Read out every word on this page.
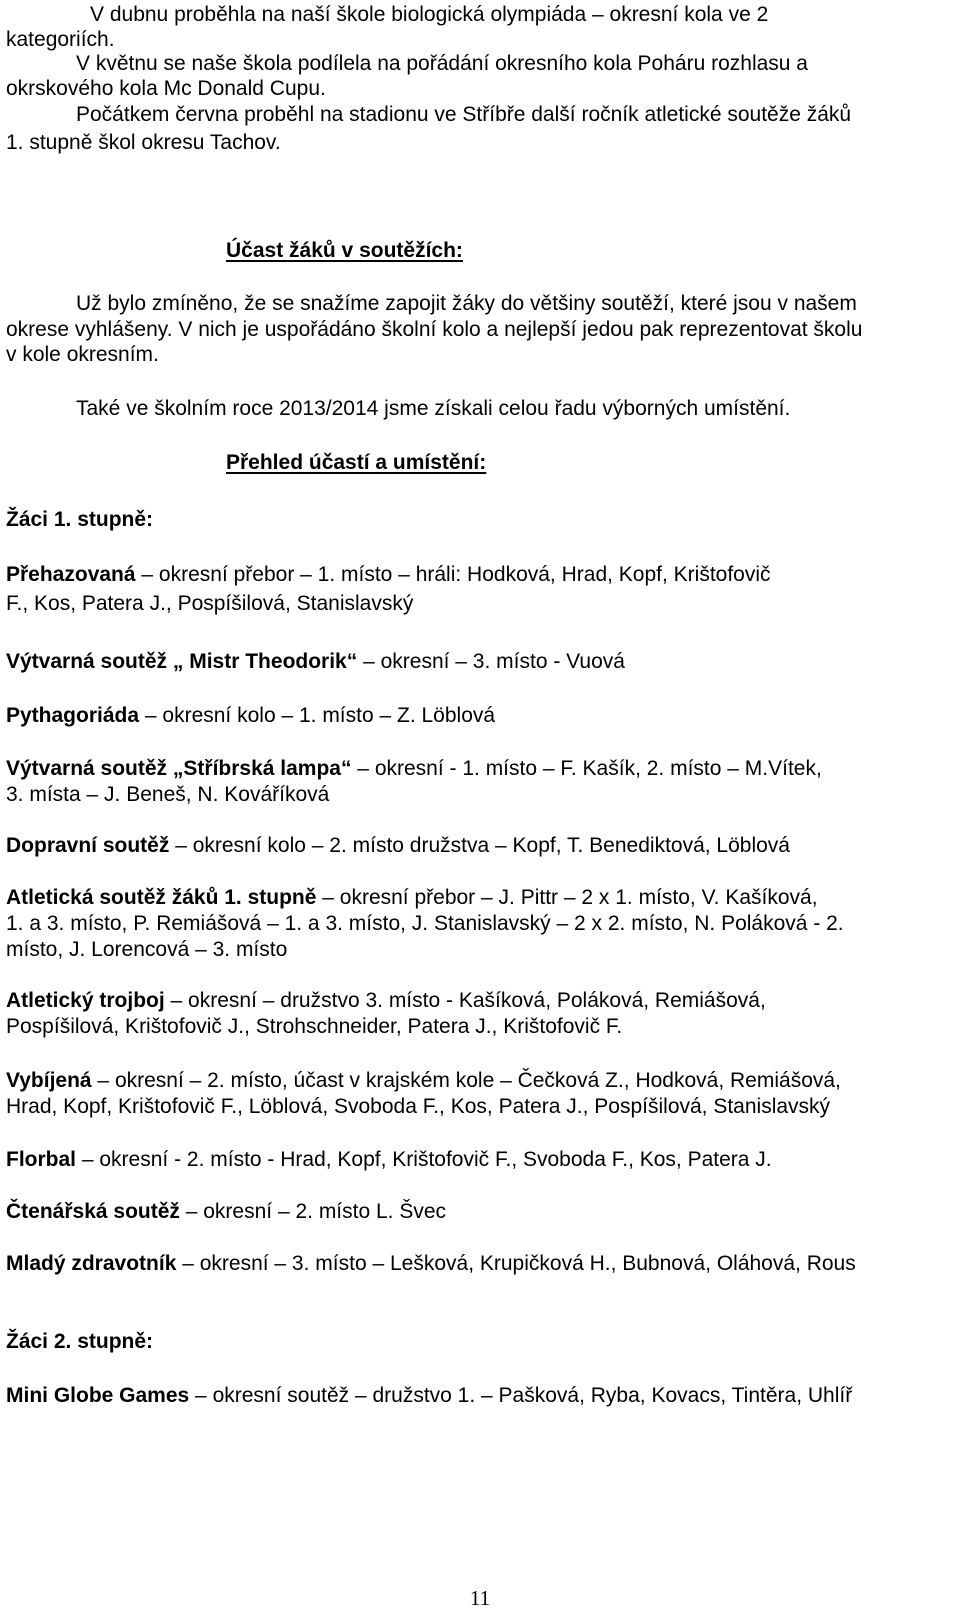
V dubnu proběhla na naší škole biologická olympiáda – okresní kola ve 2
kategoriích.
V květnu se naše škola podílela na pořádání okresního kola Poháru rozhlasu a
okrskového kola Mc Donald Cupu.
Počátkem června proběhl na stadionu ve Stříbře další ročník atletické soutěže žáků
1. stupně škol okresu Tachov.
Účast žáků v soutěžích:
Už bylo zmíněno, že se snažíme zapojit žáky do většiny soutěží, které jsou v našem
okrese vyhlášeny. V nich je uspořádáno školní kolo a nejlepší jedou pak reprezentovat školu
v kole okresním.
Také ve školním roce 2013/2014 jsme získali celou řadu výborných umístění.
Přehled účastí a umístění:
Žáci 1. stupně:
Přehazovaná – okresní přebor – 1. místo – hráli: Hodková, Hrad, Kopf, Krištofovič
F., Kos, Patera J., Pospíšilová, Stanislavský
Výtvarná soutěž „ Mistr Theodorik“ – okresní – 3. místo - Vuová
Pythagoriáda – okresní kolo – 1. místo – Z. Löblová
Výtvarná soutěž „Stříbrská lampa“ – okresní - 1. místo – F. Kašík, 2. místo – M.Vítek,
3. místa – J. Beneš, N. Kováříková
Dopravní soutěž – okresní kolo – 2. místo družstva – Kopf, T. Benediktová, Löblová
Atletická soutěž žáků 1. stupně – okresní přebor – J. Pittr – 2 x 1. místo, V. Kašíková,
1. a 3. místo, P. Remiášová – 1. a 3. místo, J. Stanislavský – 2 x 2. místo, N. Poláková - 2.
místo, J. Lorencová – 3. místo
Atletický trojboj – okresní – družstvo 3. místo - Kašíková, Poláková, Remiášová,
Pospíšilová, Krištofovič J., Strohschneider, Patera J., Krištofovič F.
Vybíjená – okresní – 2. místo, účast v krajském kole – Čečková Z., Hodková, Remiášová,
Hrad, Kopf, Krištofovič F., Löblová, Svoboda F., Kos, Patera J., Pospíšilová, Stanislavský
Florbal – okresní - 2. místo - Hrad, Kopf, Krištofovič F., Svoboda F., Kos, Patera J.
Čtenářská soutěž – okresní – 2. místo L. Švec
Mladý zdravotník – okresní – 3. místo – Lešková, Krupičková H., Bubnová, Oláhová, Rous
Žáci 2. stupně:
Mini Globe Games – okresní soutěž – družstvo 1. – Pašková, Ryba, Kovacs, Tintěra, Uhlíř
11
